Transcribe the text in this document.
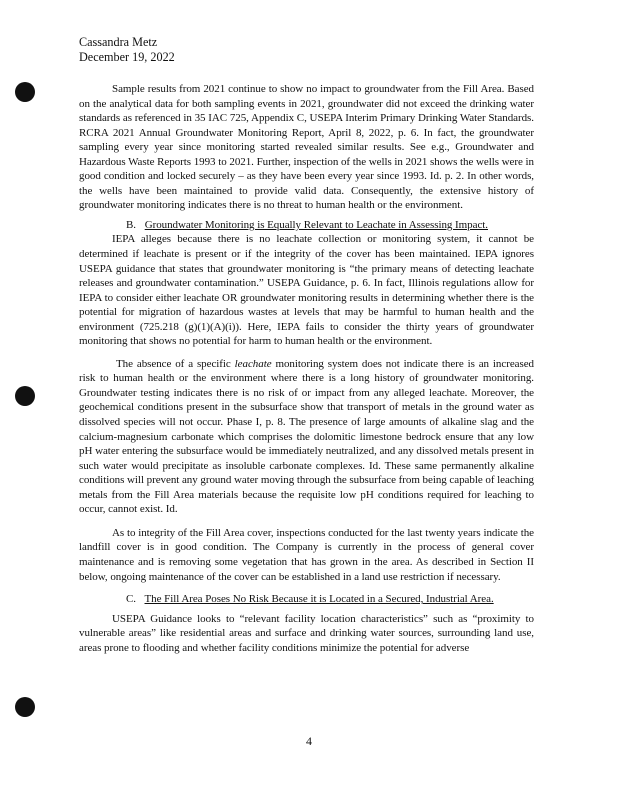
Cassandra Metz
December 19, 2022

Sample results from 2021 continue to show no impact to groundwater from the Fill Area. Based on the analytical data for both sampling events in 2021, groundwater did not exceed the drinking water standards as referenced in 35 IAC 725, Appendix C, USEPA Interim Primary Drinking Water Standards. RCRA 2021 Annual Groundwater Monitoring Report, April 8, 2022, p. 6. In fact, the groundwater sampling every year since monitoring started revealed similar results. See e.g., Groundwater and Hazardous Waste Reports 1993 to 2021. Further, inspection of the wells in 2021 shows the wells were in good condition and locked securely – as they have been every year since 1993. Id. p. 2. In other words, the wells have been maintained to provide valid data. Consequently, the extensive history of groundwater monitoring indicates there is no threat to human health or the environment.

B. Groundwater Monitoring is Equally Relevant to Leachate in Assessing Impact.

IEPA alleges because there is no leachate collection or monitoring system, it cannot be determined if leachate is present or if the integrity of the cover has been maintained. IEPA ignores USEPA guidance that states that groundwater monitoring is “the primary means of detecting leachate releases and groundwater contamination.” USEPA Guidance, p. 6. In fact, Illinois regulations allow for IEPA to consider either leachate OR groundwater monitoring results in determining whether there is the potential for migration of hazardous wastes at levels that may be harmful to human health and the environment (725.218 (g)(1)(A)(i)). Here, IEPA fails to consider the thirty years of groundwater monitoring that shows no potential for harm to human health or the environment.

The absence of a specific leachate monitoring system does not indicate there is an increased risk to human health or the environment where there is a long history of groundwater monitoring. Groundwater testing indicates there is no risk of or impact from any alleged leachate. Moreover, the geochemical conditions present in the subsurface show that transport of metals in the ground water as dissolved species will not occur. Phase I, p. 8. The presence of large amounts of alkaline slag and the calcium-magnesium carbonate which comprises the dolomitic limestone bedrock ensure that any low pH water entering the subsurface would be immediately neutralized, and any dissolved metals present in such water would precipitate as insoluble carbonate complexes. Id. These same permanently alkaline conditions will prevent any ground water moving through the subsurface from being capable of leaching metals from the Fill Area materials because the requisite low pH conditions required for leaching to occur, cannot exist. Id.

As to integrity of the Fill Area cover, inspections conducted for the last twenty years indicate the landfill cover is in good condition. The Company is currently in the process of general cover maintenance and is removing some vegetation that has grown in the area. As described in Section II below, ongoing maintenance of the cover can be established in a land use restriction if necessary.

C. The Fill Area Poses No Risk Because it is Located in a Secured, Industrial Area.

USEPA Guidance looks to “relevant facility location characteristics” such as “proximity to vulnerable areas” like residential areas and surface and drinking water sources, surrounding land use, areas prone to flooding and whether facility conditions minimize the potential for adverse

4
